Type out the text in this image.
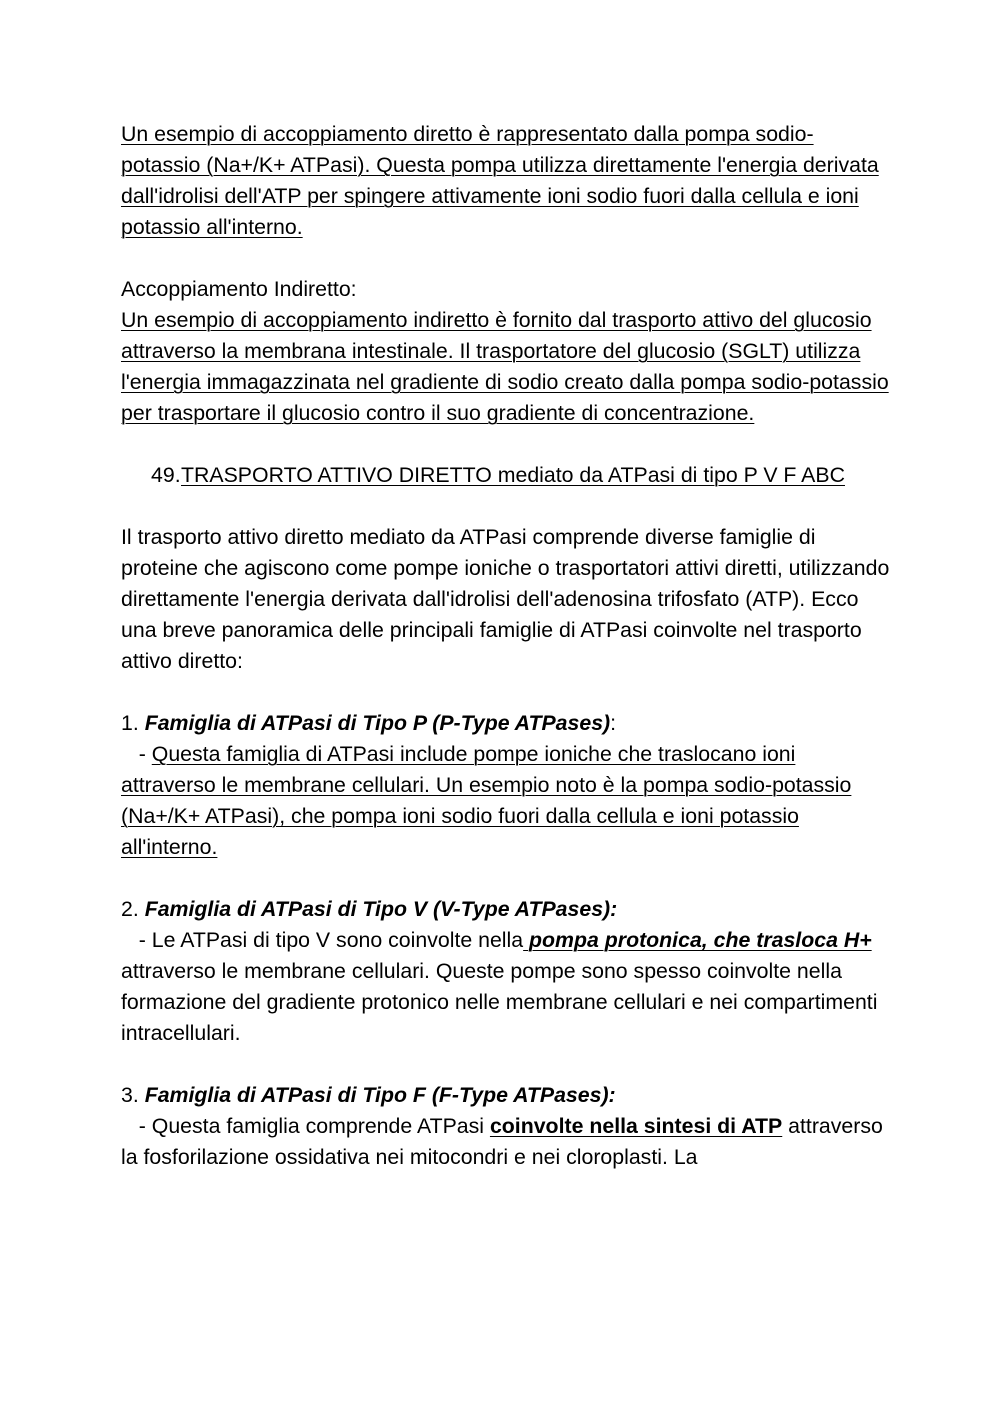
Un esempio di accoppiamento diretto è rappresentato dalla pompa sodio-potassio (Na+/K+ ATPasi). Questa pompa utilizza direttamente l'energia derivata dall'idrolisi dell'ATP per spingere attivamente ioni sodio fuori dalla cellula e ioni potassio all'interno.

Accoppiamento Indiretto:

Un esempio di accoppiamento indiretto è fornito dal trasporto attivo del glucosio attraverso la membrana intestinale. Il trasportatore del glucosio (SGLT) utilizza l'energia immagazzinata nel gradiente di sodio creato dalla pompa sodio-potassio per trasportare il glucosio contro il suo gradiente di concentrazione.

49. TRASPORTO ATTIVO DIRETTO mediato da ATPasi di tipo P V F ABC

Il trasporto attivo diretto mediato da ATPasi comprende diverse famiglie di proteine che agiscono come pompe ioniche o trasportatori attivi diretti, utilizzando direttamente l'energia derivata dall'idrolisi dell'adenosina trifosfato (ATP). Ecco una breve panoramica delle principali famiglie di ATPasi coinvolte nel trasporto attivo diretto:

1. Famiglia di ATPasi di Tipo P (P-Type ATPases):

- Questa famiglia di ATPasi include pompe ioniche che traslocano ioni attraverso le membrane cellulari. Un esempio noto è la pompa sodio-potassio (Na+/K+ ATPasi), che pompa ioni sodio fuori dalla cellula e ioni potassio all'interno.

2. Famiglia di ATPasi di Tipo V (V-Type ATPases):

- Le ATPasi di tipo V sono coinvolte nella pompa protonica, che trasloca H+ attraverso le membrane cellulari. Queste pompe sono spesso coinvolte nella formazione del gradiente protonico nelle membrane cellulari e nei compartimenti intracellulari.

3. Famiglia di ATPasi di Tipo F (F-Type ATPases):

- Questa famiglia comprende ATPasi coinvolte nella sintesi di ATP attraverso la fosforilazione ossidativa nei mitocondri e nei cloroplasti. La
